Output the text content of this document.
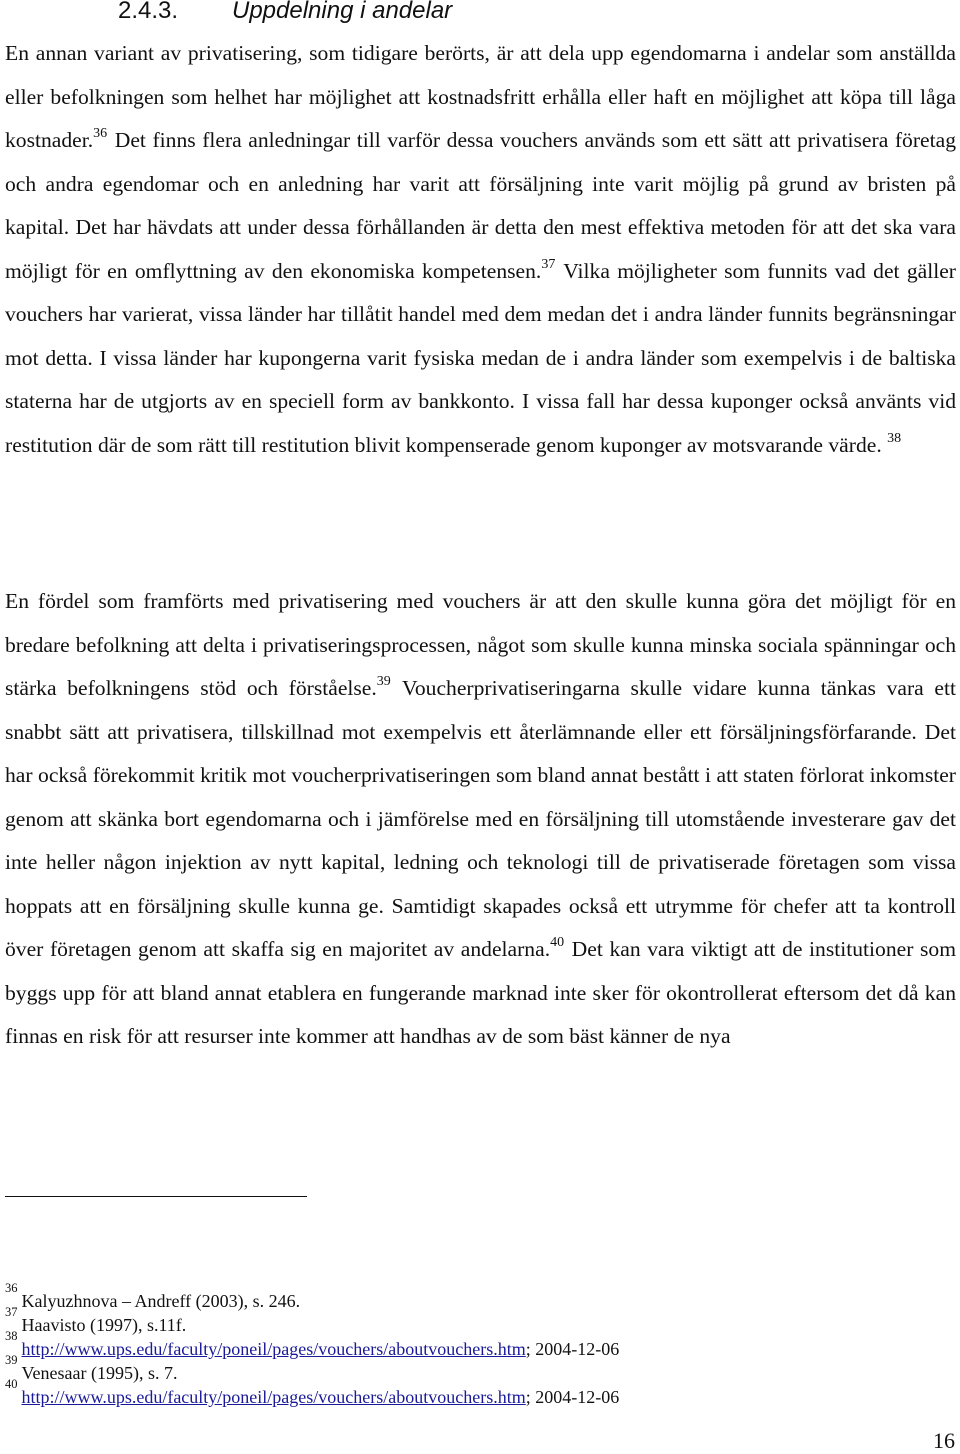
2.4.3. Uppdelning i andelar

En annan variant av privatisering, som tidigare berörts, är att dela upp egendomarna i andelar som anställda eller befolkningen som helhet har möjlighet att kostnadsfritt erhålla eller haft en möjlighet att köpa till låga kostnader.$^{36}$ Det finns flera anledningar till varför dessa vouchers används som ett sätt att privatisera företag och andra egendomar och en anledning har varit att försäljning inte varit möjlig på grund av bristen på kapital. Det har hävdats att under dessa förhållanden är detta den mest effektiva metoden för att det ska vara möjligt för en omflyttning av den ekonomiska kompetensen.$^{37}$ Vilka möjligheter som funnits vad det gäller vouchers har varierat, vissa länder har tillåtit handel med dem medan det i andra länder funnits begränsningar mot detta. I vissa länder har kupongerna varit fysiska medan de i andra länder som exempelvis i de baltiska staterna har de utgjorts av en speciell form av bankkonto. I vissa fall har dessa kuponger också använts vid restitution där de som rätt till restitution blivit kompenserade genom kuponger av motsvarande värde. $^{38}$

En fördel som framförts med privatisering med vouchers är att den skulle kunna göra det möjligt för en bredare befolkning att delta i privatiseringsprocessen, något som skulle kunna minska sociala spänningar och stärka befolkningens stöd och förståelse.$^{39}$ Voucherprivatiseringarna skulle vidare kunna tänkas vara ett snabbt sätt att privatisera, tillskillnad mot exempelvis ett återlämnande eller ett försäljningsförfarande. Det har också förekommit kritik mot voucherprivatiseringen som bland annat bestått i att staten förlorat inkomster genom att skänka bort egendomarna och i jämförelse med en försäljning till utomstående investerare gav det inte heller någon injektion av nytt kapital, ledning och teknologi till de privatiserade företagen som vissa hoppats att en försäljning skulle kunna ge. Samtidigt skapades också ett utrymme för chefer att ta kontroll över företagen genom att skaffa sig en majoritet av andelarna.$^{40}$ Det kan vara viktigt att de institutioner som byggs upp för att bland annat etablera en fungerande marknad inte sker för okontrollerat eftersom det då kan finnas en risk för att resurser inte kommer att handhas av de som bäst känner de nya

$^{36}$Kalyuzhnova – Andreff (2003), s. 246.
$^{37}$Haavisto (1997), s.11f.
$^{38}$http://www.ups.edu/faculty/poneil/pages/vouchers/aboutvouchers.htm; 2004-12-06
$^{39}$Venesaar (1995), s. 7.
$^{40}$http://www.ups.edu/faculty/poneil/pages/vouchers/aboutvouchers.htm; 2004-12-06
16
